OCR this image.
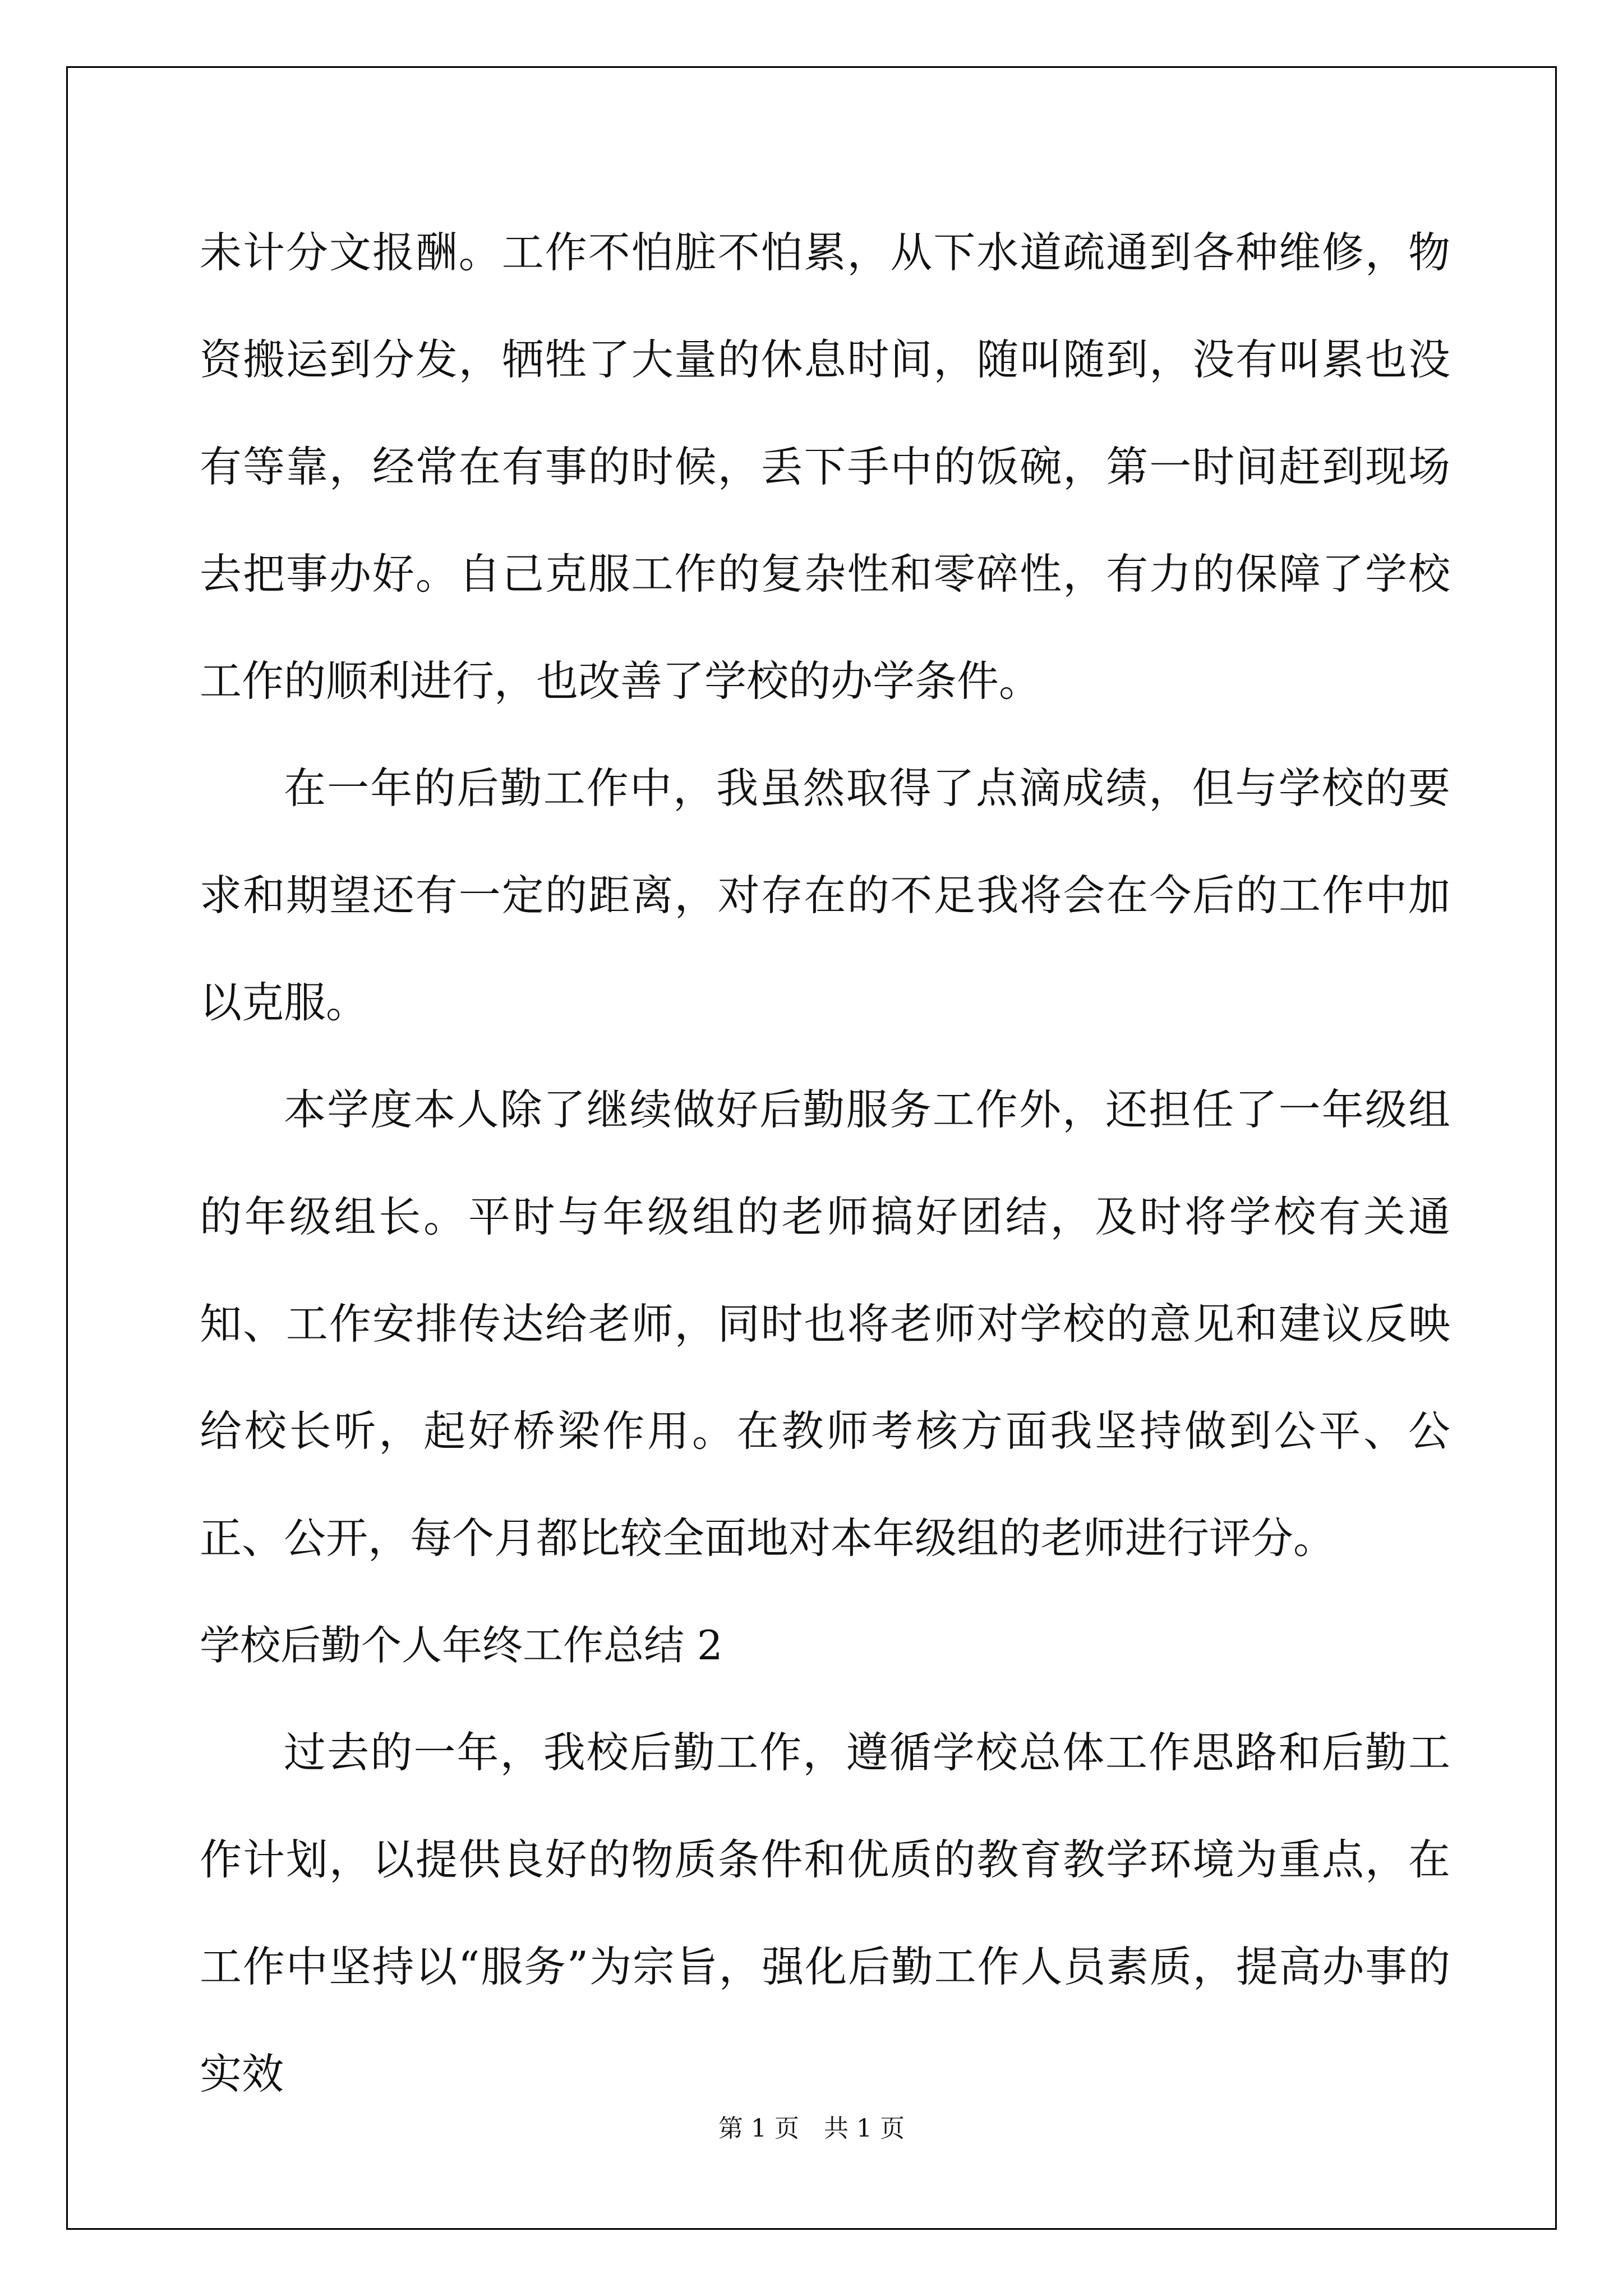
未计分文报酬。工作不怕脏不怕累，从下水道疏通到各种维修，物资搬运到分发，牺牲了大量的休息时间，随叫随到，没有叫累也没有等靠，经常在有事的时候，丢下手中的饭碗，第一时间赶到现场去把事办好。自己克服工作的复杂性和零碎性，有力的保障了学校工作的顺利进行，也改善了学校的办学条件。

在一年的后勤工作中，我虽然取得了点滴成绩，但与学校的要求和期望还有一定的距离，对存在的不足我将会在今后的工作中加以克服。

本学度本人除了继续做好后勤服务工作外，还担任了一年级组的年级组长。平时与年级组的老师搞好团结，及时将学校有关通知、工作安排传达给老师，同时也将老师对学校的意见和建议反映给校长听，起好桥梁作用。在教师考核方面我坚持做到公平、公正、公开，每个月都比较全面地对本年级组的老师进行评分。

学校后勤个人年终工作总结 2

过去的一年，我校后勤工作，遵循学校总体工作思路和后勤工作计划，以提供良好的物质条件和优质的教育教学环境为重点，在工作中坚持以“服务”为宗旨，强化后勤工作人员素质，提高办事的实效

第 1 页　共 1 页
